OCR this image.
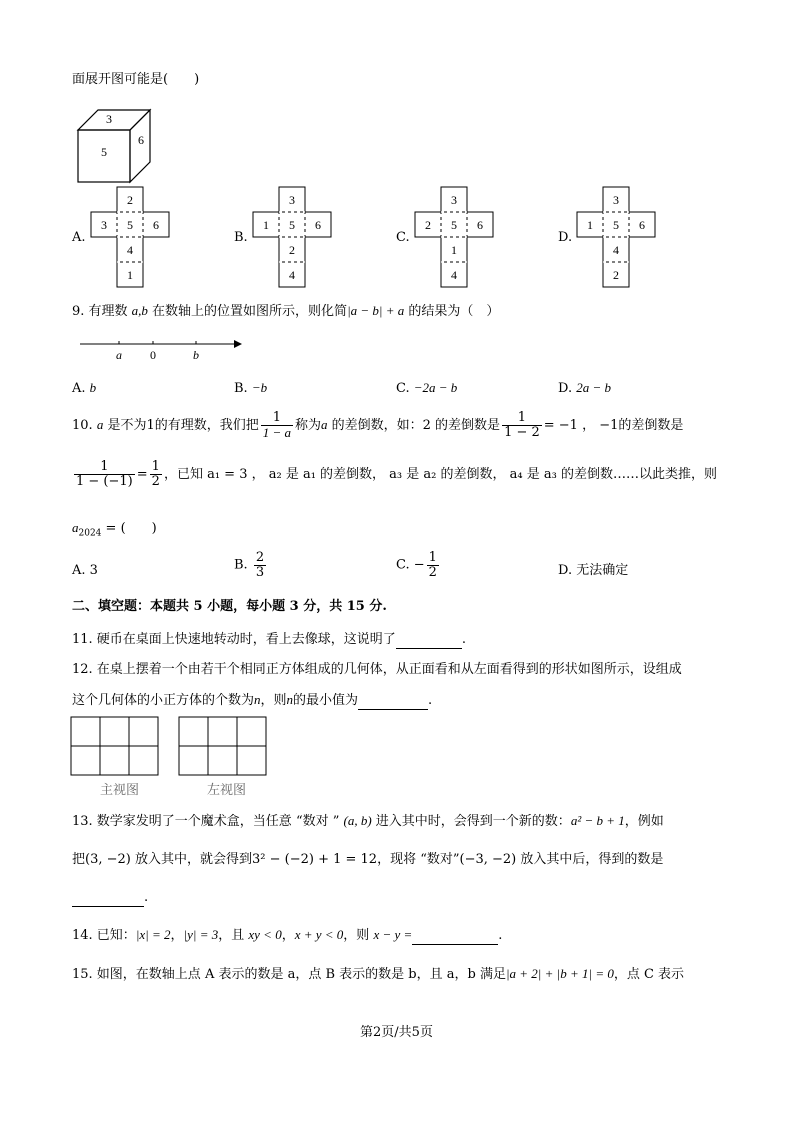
面展开图可能是(　　)
3
5
6
A.
2
5
4
1
3	6
B.
3
5
2
4
1	6
C.
3
5
1
4
2	6
D.
3
5
4
2
1	6
9. 有理数 a,b 在数轴上的位置如图所示，则化简|a − b| + a 的结果为（　）
a 0	b
A. b	B. −b	C. −2a − b	D. 2a − b
10. a 是不为1的有理数，我们把 $\frac{1}{1 - a}$ 称为a 的差倒数，如：2 的差倒数是 $\frac{1}{1 - 2} = -1$ ， −1的差倒数是
$\frac{1}{1 - (-1)} = \frac{1}{2}$ ，已知 a₁ = 3 ， a₂ 是 a₁ 的差倒数， a₃ 是 a₂ 的差倒数， a₄ 是 a₃ 的差倒数……以此类推，则
$a_{2024}$ = (　　)
A. 3	B. $\frac{2}{3}$	C. − $\frac{1}{2}$	D. 无法确定
二、填空题：本题共 5 小题，每小题 3 分，共 15 分.
11. 硬币在桌面上快速地转动时，看上去像球，这说明了	.
12. 在桌上摆着一个由若干个相同正方体组成的几何体，从正面看和从左面看得到的形状如图所示，设组成
这个几何体的小正方体的个数为n，则n的最小值为	.
主视图	左视图
13. 数学家发明了一个魔术盒，当任意 “数对 ” (a, b) 进入其中时，会得到一个新的数：a² − b + 1，例如
把(3, −2) 放入其中，就会得到3² − (−2) + 1 = 12，现将 “数对”(−3, −2) 放入其中后，得到的数是
.
14. 已知：|x| = 2，|y| = 3，且 xy < 0，x + y < 0，则 x − y =	.
15. 如图，在数轴上点 A 表示的数是 a，点 B 表示的数是 b，且 a，b 满足|a + 2| + |b + 1| = 0，点 C 表示
第2页/共5页
